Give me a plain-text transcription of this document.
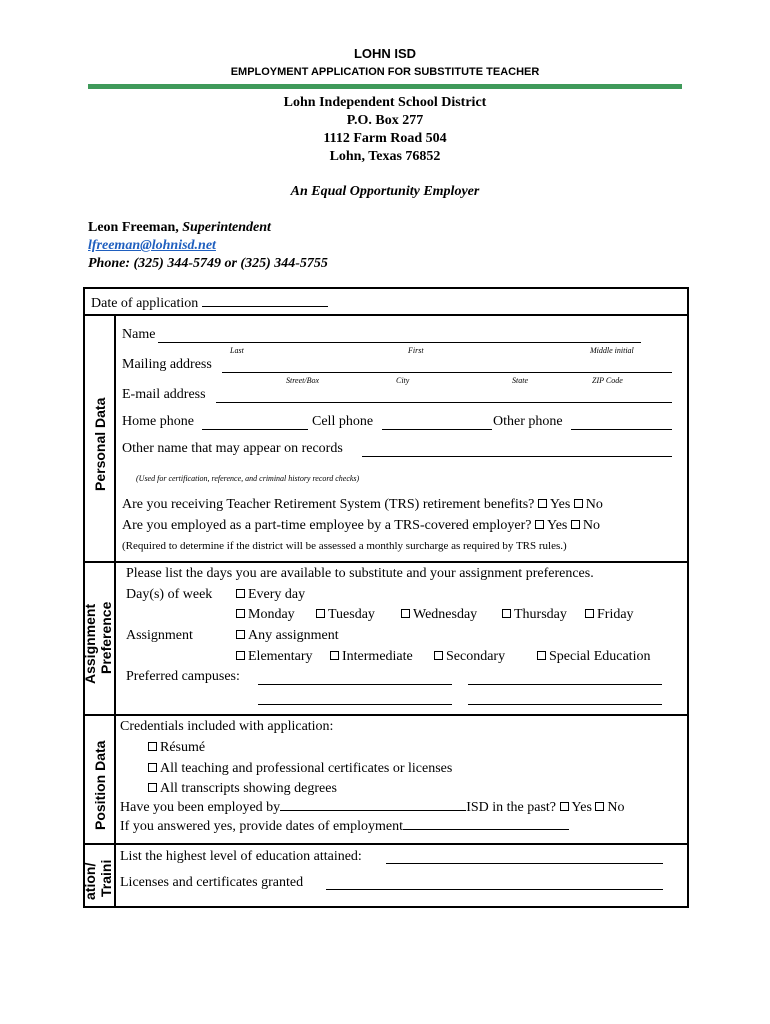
LOHN ISD
EMPLOYMENT APPLICATION FOR SUBSTITUTE TEACHER
Lohn Independent School District
P.O. Box 277
1112 Farm Road 504
Lohn, Texas 76852
An Equal Opportunity Employer
Leon Freeman, Superintendent
lfreeman@lohnisd.net
Phone: (325) 344-5749 or (325) 344-5755
Date of application
Personal Data
Assignment Preference
Position Data
ation/ Traini
Name
Last	First	Middle initial
Mailing address
Street/Box	City	State	ZIP Code
E-mail address
Home phone	Cell phone	Other phone
Other name that may appear on records
(Used for certification, reference, and criminal history record checks)
Are you receiving Teacher Retirement System (TRS) retirement benefits? Yes No
Are you employed as a part-time employee by a TRS-covered employer? Yes No
(Required to determine if the district will be assessed a monthly surcharge as required by TRS rules.)
Please list the days you are available to substitute and your assignment preferences.
Day(s) of week	Every day
Monday	Tuesday	Wednesday	Thursday	Friday
Assignment	Any assignment
Elementary	Intermediate	Secondary	Special Education
Preferred campuses:
Credentials included with application:
Résumé
All teaching and professional certificates or licenses
All transcripts showing degrees
Have you been employed by	ISD in the past? Yes No
If you answered yes, provide dates of employment
List the highest level of education attained:
Licenses and certificates granted
